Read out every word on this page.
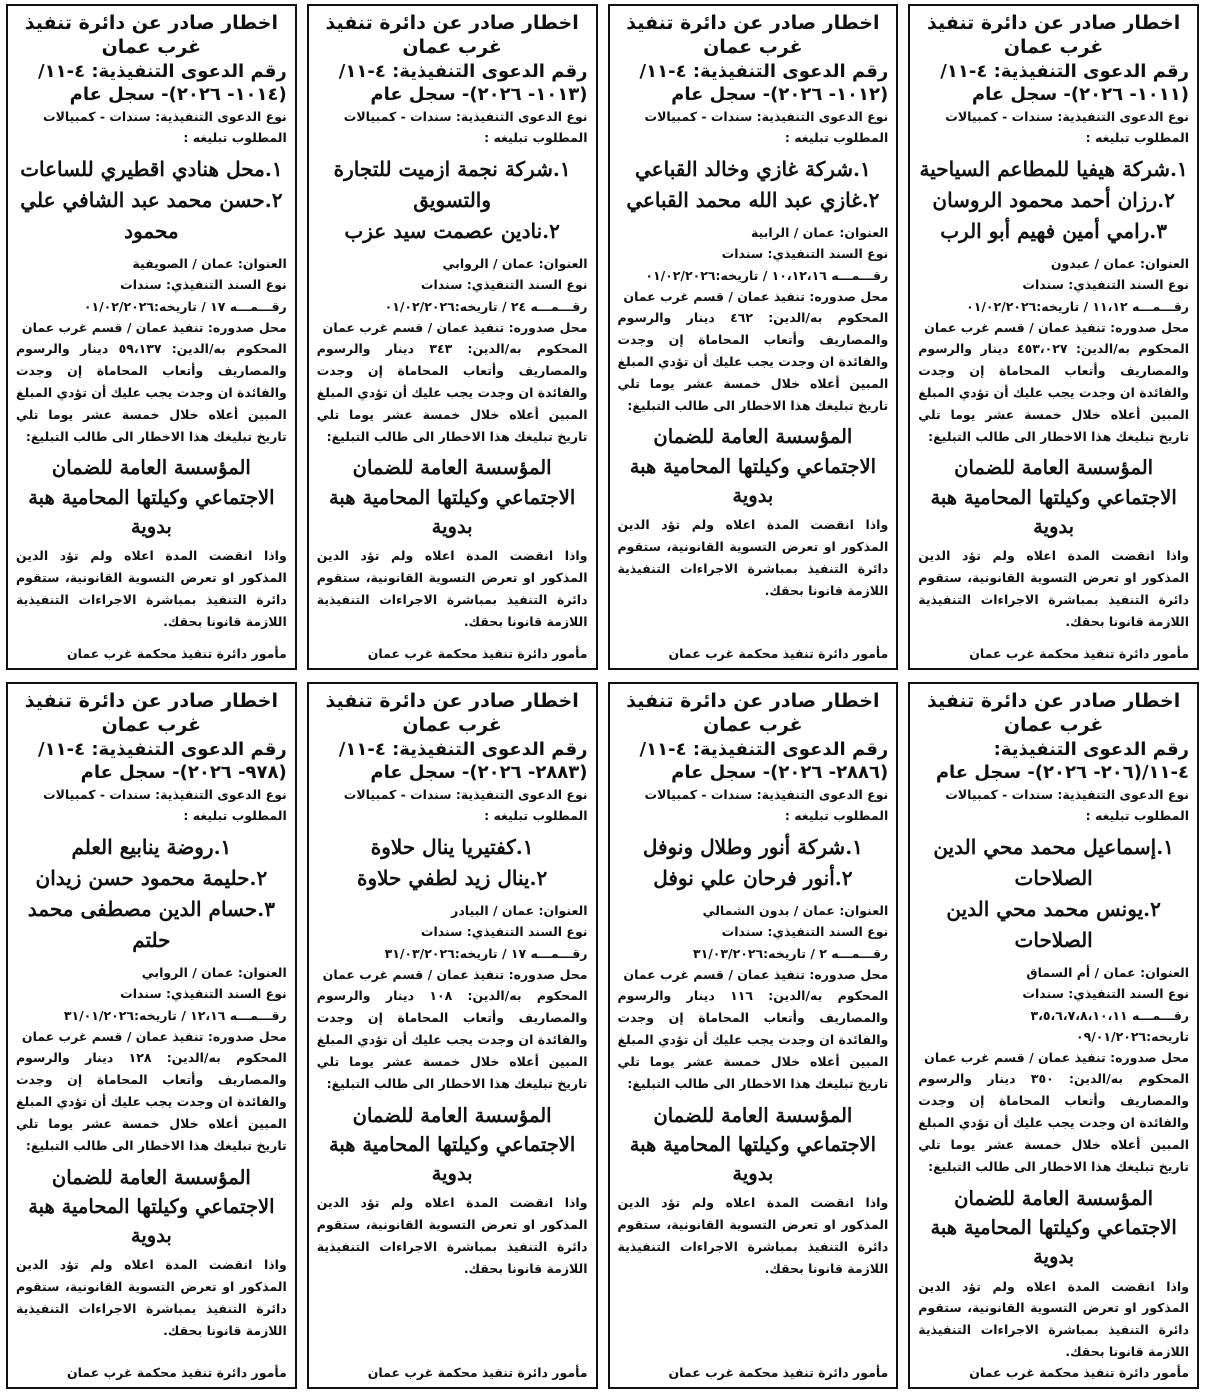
اخطار صادر عن دائرة تنفيذ غرب عمان
رقم الدعوى التنفيذية: ٤-١١/ (١٠١١- ٢٠٢٦)- سجل عام
نوع الدعوى التنفيذية: سندات - كمبيالات
المطلوب تبليغه :
١.شركة هيفيا للمطاعم السياحية
٢.رزان أحمد محمود الروسان
٣.رامي أمين فهيم أبو الرب
العنوان: عمان / عبدون
نوع السند التنفيذي: سندات
رقـــمـــه ١١،١٢ / تاريخه:٠١/٠٢/٢٠٢٦
محل صدوره: تنفيذ عمان / قسم غرب عمان
المحكوم به/الدين: ٤٥٣،٠٢٧ دينار والرسوم والمصاريف وأتعاب المحاماة إن وجدت والفائدة ان وجدت يجب عليك أن تؤدي المبلغ المبين أعلاه خلال خمسة عشر يوما تلي تاريخ تبليغك هذا الاخطار الى طالب التبليغ:
المؤسسة العامة للضمان الاجتماعي وكيلتها المحامية هبة بدوية
واذا انقضت المدة اعلاه ولم تؤد الدين المذكور او تعرض التسوية القانونية، ستقوم دائرة التنفيذ بمباشرة الاجراءات التنفيذية اللازمة قانونا بحقك.
مأمور دائرة تنفيذ محكمة غرب عمان
اخطار صادر عن دائرة تنفيذ غرب عمان
رقم الدعوى التنفيذية: ٤-١١/ (١٠١٢- ٢٠٢٦)- سجل عام
نوع الدعوى التنفيذية: سندات - كمبيالات
المطلوب تبليغه :
١.شركة غازي وخالد القباعي
٢.غازي عبد الله محمد القباعي
العنوان: عمان / الرابية
نوع السند التنفيذي: سندات
رقـــمـــه ١٠،١٢،١٦ / تاريخه:٠١/٠٢/٢٠٢٦
محل صدوره: تنفيذ عمان / قسم غرب عمان
المحكوم به/الدين: ٤٦٢ دينار والرسوم والمصاريف وأتعاب المحاماة إن وجدت والفائدة ان وجدت يجب عليك أن تؤدي المبلغ المبين أعلاه خلال خمسة عشر يوما تلي تاريخ تبليغك هذا الاخطار الى طالب التبليغ:
المؤسسة العامة للضمان الاجتماعي وكيلتها المحامية هبة بدوية
واذا انقضت المدة اعلاه ولم تؤد الدين المذكور او تعرض التسوية القانونية، ستقوم دائرة التنفيذ بمباشرة الاجراءات التنفيذية اللازمة قانونا بحقك.
مأمور دائرة تنفيذ محكمة غرب عمان
اخطار صادر عن دائرة تنفيذ غرب عمان
رقم الدعوى التنفيذية: ٤-١١/ (١٠١٣- ٢٠٢٦)- سجل عام
نوع الدعوى التنفيذية: سندات - كمبيالات
المطلوب تبليغه :
١.شركة نجمة ازميت للتجارة والتسويق
٢.نادين عصمت سيد عزب
العنوان: عمان / الروابي
نوع السند التنفيذي: سندات
رقـــمـــه ٢٤ / تاريخه:٠١/٠٢/٢٠٢٦
محل صدوره: تنفيذ عمان / قسم غرب عمان
المحكوم به/الدين: ٣٤٣ دينار والرسوم والمصاريف وأتعاب المحاماة إن وجدت والفائدة ان وجدت يجب عليك أن تؤدي المبلغ المبين أعلاه خلال خمسة عشر يوما تلي تاريخ تبليغك هذا الاخطار الى طالب التبليغ:
المؤسسة العامة للضمان الاجتماعي وكيلتها المحامية هبة بدوية
واذا انقضت المدة اعلاه ولم تؤد الدين المذكور او تعرض التسوية القانونية، ستقوم دائرة التنفيذ بمباشرة الاجراءات التنفيذية اللازمة قانونا بحقك.
مأمور دائرة تنفيذ محكمة غرب عمان
اخطار صادر عن دائرة تنفيذ غرب عمان
رقم الدعوى التنفيذية: ٤-١١/ (١٠١٤- ٢٠٢٦)- سجل عام
نوع الدعوى التنفيذية: سندات - كمبيالات
المطلوب تبليغه :
١.محل هنادي اقطيري للساعات
٢.حسن محمد عبد الشافي علي محمود
العنوان: عمان / الصويفية
نوع السند التنفيذي: سندات
رقـــمـــه ١٧ / تاريخه:٠١/٠٢/٢٠٢٦
محل صدوره: تنفيذ عمان / قسم غرب عمان
المحكوم به/الدين: ٥٩،١٣٧ دينار والرسوم والمصاريف وأتعاب المحاماة إن وجدت والفائدة ان وجدت يجب عليك أن تؤدي المبلغ المبين أعلاه خلال خمسة عشر يوما تلي تاريخ تبليغك هذا الاخطار الى طالب التبليغ:
المؤسسة العامة للضمان الاجتماعي وكيلتها المحامية هبة بدوية
واذا انقضت المدة اعلاه ولم تؤد الدين المذكور او تعرض التسوية القانونية، ستقوم دائرة التنفيذ بمباشرة الاجراءات التنفيذية اللازمة قانونا بحقك.
مأمور دائرة تنفيذ محكمة غرب عمان
اخطار صادر عن دائرة تنفيذ غرب عمان
رقم الدعوى التنفيذية: ٤-١١/(٢٠٦- ٢٠٢٦)- سجل عام
نوع الدعوى التنفيذية: سندات - كمبيالات
المطلوب تبليغه :
١.إسماعيل محمد محي الدين الصلاحات
٢.يونس محمد محي الدين الصلاحات
العنوان: عمان / أم السماق
نوع السند التنفيذي: سندات
رقـــمـــه ٣،٥،٦،٧،٨،١٠،١١ تاريخه:٠٩/٠١/٢٠٢٦
محل صدوره: تنفيذ عمان / قسم غرب عمان
المحكوم به/الدين: ٣٥٠ دينار والرسوم والمصاريف وأتعاب المحاماة إن وجدت والفائدة ان وجدت يجب عليك أن تؤدي المبلغ المبين أعلاه خلال خمسة عشر يوما تلي تاريخ تبليغك هذا الاخطار الى طالب التبليغ:
المؤسسة العامة للضمان الاجتماعي وكيلتها المحامية هبة بدوية
واذا انقضت المدة اعلاه ولم تؤد الدين المذكور او تعرض التسوية القانونية، ستقوم دائرة التنفيذ بمباشرة الاجراءات التنفيذية اللازمة قانونا بحقك.
مأمور دائرة تنفيذ محكمة غرب عمان
اخطار صادر عن دائرة تنفيذ غرب عمان
رقم الدعوى التنفيذية: ٤-١١/ (٢٨٨٦- ٢٠٢٦)- سجل عام
نوع الدعوى التنفيذية: سندات - كمبيالات
المطلوب تبليغه :
١.شركة أنور وطلال ونوفل
٢.أنور فرحان علي نوفل
العنوان: عمان / بدون الشمالي
نوع السند التنفيذي: سندات
رقـــمـــه ٢ / تاريخه:٣١/٠٣/٢٠٢٦
محل صدوره: تنفيذ عمان / قسم غرب عمان
المحكوم به/الدين: ١١٦ دينار والرسوم والمصاريف وأتعاب المحاماة إن وجدت والفائدة ان وجدت يجب عليك أن تؤدي المبلغ المبين أعلاه خلال خمسة عشر يوما تلي تاريخ تبليغك هذا الاخطار الى طالب التبليغ:
المؤسسة العامة للضمان الاجتماعي وكيلتها المحامية هبة بدوية
واذا انقضت المدة اعلاه ولم تؤد الدين المذكور او تعرض التسوية القانونية، ستقوم دائرة التنفيذ بمباشرة الاجراءات التنفيذية اللازمة قانونا بحقك.
مأمور دائرة تنفيذ محكمة غرب عمان
اخطار صادر عن دائرة تنفيذ غرب عمان
رقم الدعوى التنفيذية: ٤-١١/ (٢٨٨٣- ٢٠٢٦)- سجل عام
نوع الدعوى التنفيذية: سندات - كمبيالات
المطلوب تبليغه :
١.كفتيريا ينال حلاوة
٢.ينال زيد لطفي حلاوة
العنوان: عمان / البيادر
نوع السند التنفيذي: سندات
رقـــمـــه ١٧ / تاريخه:٣١/٠٣/٢٠٢٦
محل صدوره: تنفيذ عمان / قسم غرب عمان
المحكوم به/الدين: ١٠٨ دينار والرسوم والمصاريف وأتعاب المحاماة إن وجدت والفائدة ان وجدت يجب عليك أن تؤدي المبلغ المبين أعلاه خلال خمسة عشر يوما تلي تاريخ تبليغك هذا الاخطار الى طالب التبليغ:
المؤسسة العامة للضمان الاجتماعي وكيلتها المحامية هبة بدوية
واذا انقضت المدة اعلاه ولم تؤد الدين المذكور او تعرض التسوية القانونية، ستقوم دائرة التنفيذ بمباشرة الاجراءات التنفيذية اللازمة قانونا بحقك.
مأمور دائرة تنفيذ محكمة غرب عمان
اخطار صادر عن دائرة تنفيذ غرب عمان
رقم الدعوى التنفيذية: ٤-١١/ (٩٧٨- ٢٠٢٦)- سجل عام
نوع الدعوى التنفيذية: سندات - كمبيالات
المطلوب تبليغه :
١.روضة ينابيع العلم
٢.حليمة محمود حسن زيدان
٣.حسام الدين مصطفى محمد حلتم
العنوان: عمان / الروابي
نوع السند التنفيذي: سندات
رقـــمـــه ١٢،١٦ / تاريخه:٣١/٠١/٢٠٢٦
محل صدوره: تنفيذ عمان / قسم غرب عمان
المحكوم به/الدين: ١٢٨ دينار والرسوم والمصاريف وأتعاب المحاماة إن وجدت والفائدة ان وجدت يجب عليك أن تؤدي المبلغ المبين أعلاه خلال خمسة عشر يوما تلي تاريخ تبليغك هذا الاخطار الى طالب التبليغ:
المؤسسة العامة للضمان الاجتماعي وكيلتها المحامية هبة بدوية
واذا انقضت المدة اعلاه ولم تؤد الدين المذكور او تعرض التسوية القانونية، ستقوم دائرة التنفيذ بمباشرة الاجراءات التنفيذية اللازمة قانونا بحقك.
مأمور دائرة تنفيذ محكمة غرب عمان
